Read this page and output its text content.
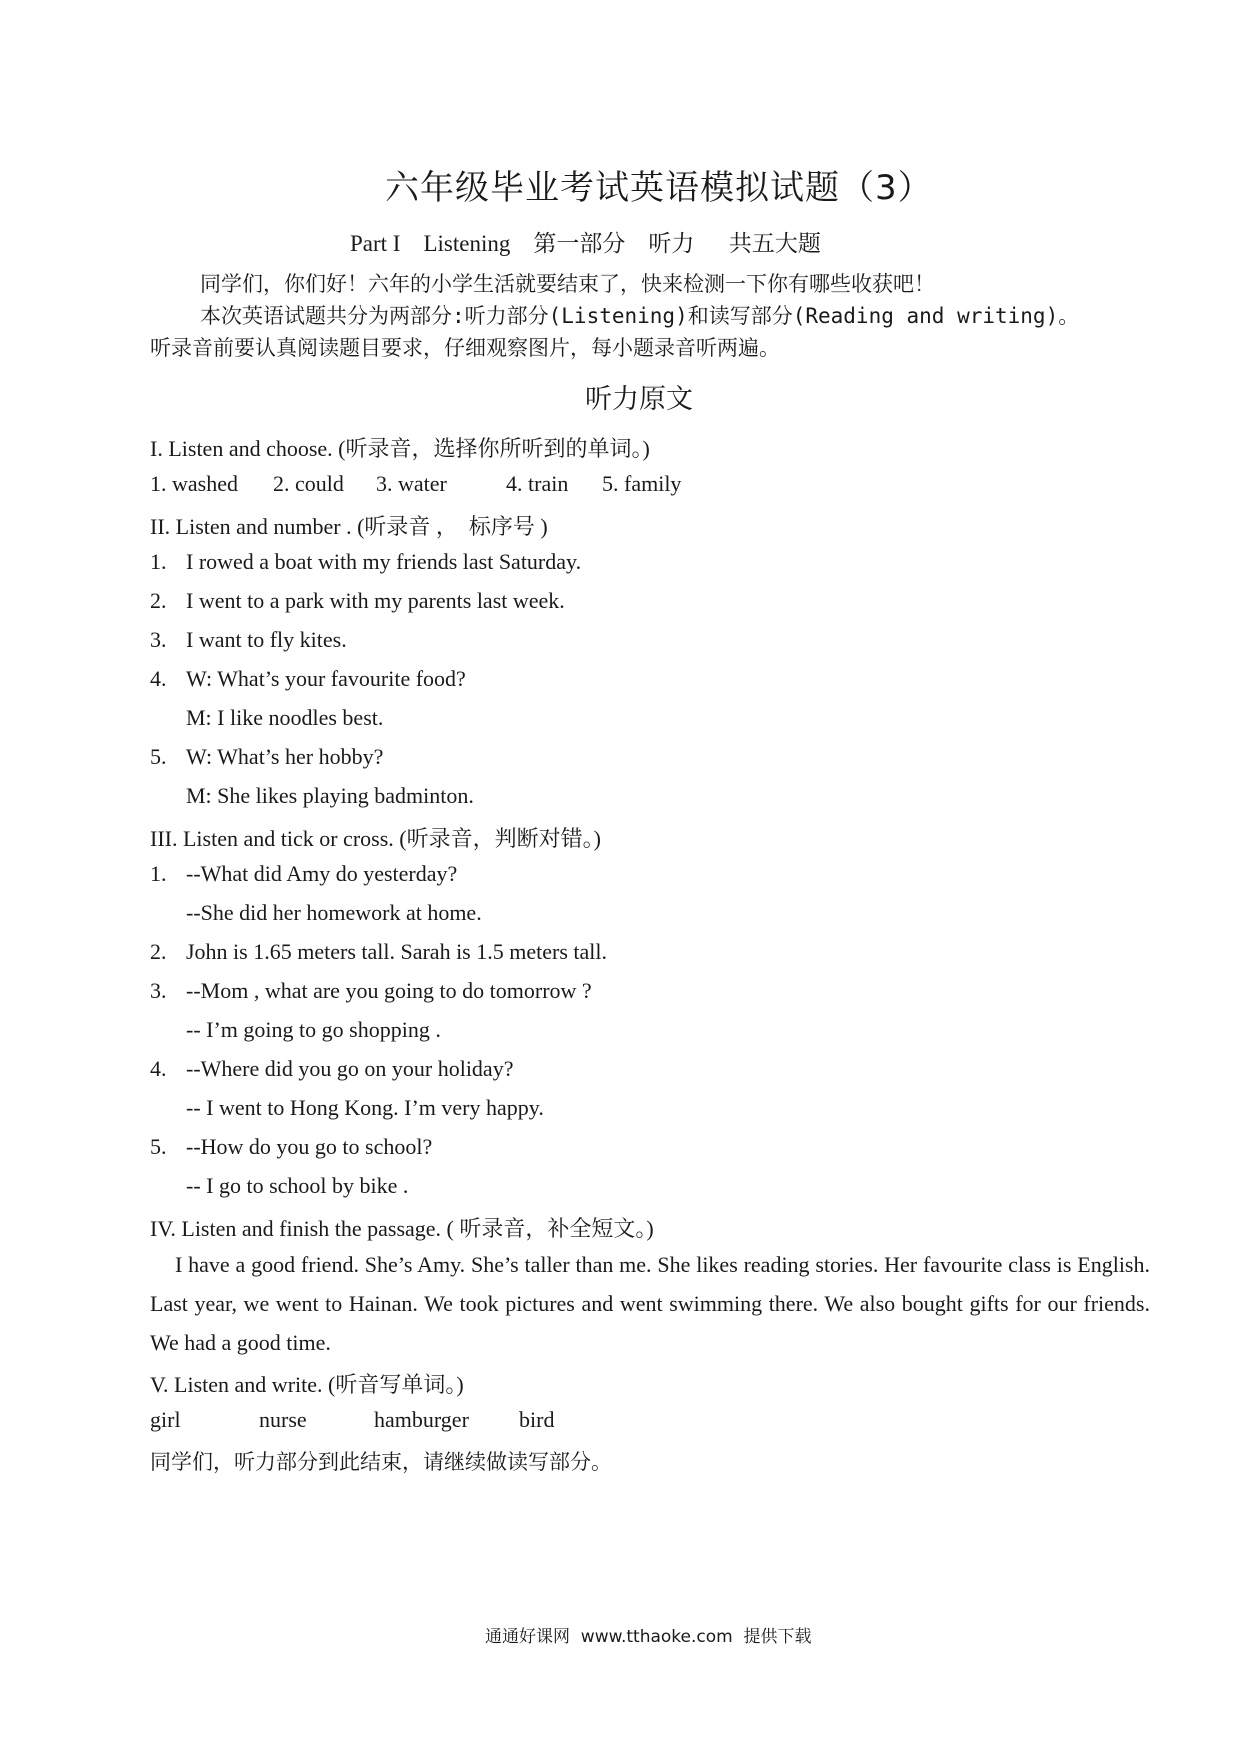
六年级毕业考试英语模拟试题（3）
Part I    Listening    第一部分    听力      共五大题
同学们，你们好！六年的小学生活就要结束了，快来检测一下你有哪些收获吧！
本次英语试题共分为两部分:听力部分(Listening)和读写部分(Reading and writing)。
听录音前要认真阅读题目要求，仔细观察图片，每小题录音听两遍。
听力原文
I. Listen and choose. (听录音，选择你所听到的单词。)
1. washed 2. could 3. water	4. train 5. family
II. Listen and number . (听录音 ，  标序号 )
1. I rowed a boat with my friends last Saturday.
2. I went to a park with my parents last week.
3. I want to fly kites.
4. W: What’s your favourite food?
M: I like noodles best.
5. W: What’s her hobby?
M: She likes playing badminton.
III. Listen and tick or cross. (听录音，判断对错。)
1. --What did Amy do yesterday?
--She did her homework at home.
2. John is 1.65 meters tall. Sarah is 1.5 meters tall.
3. --Mom , what are you going to do tomorrow ?
-- I’m going to go shopping .
4. --Where did you go on your holiday?
-- I went to Hong Kong. I’m very happy.
5. --How do you go to school?
-- I go to school by bike .
IV. Listen and finish the passage. ( 听录音，补全短文。)
I have a good friend. She’s Amy. She’s taller than me. She likes reading stories. Her favourite class is English. Last year, we went to Hainan. We took pictures and went swimming there. We also bought gifts for our friends. We had a good time.
V. Listen and write. (听音写单词。)
girl	nurse	hamburger bird
同学们，听力部分到此结束，请继续做读写部分。
通通好课网  www.tthaoke.com  提供下载
